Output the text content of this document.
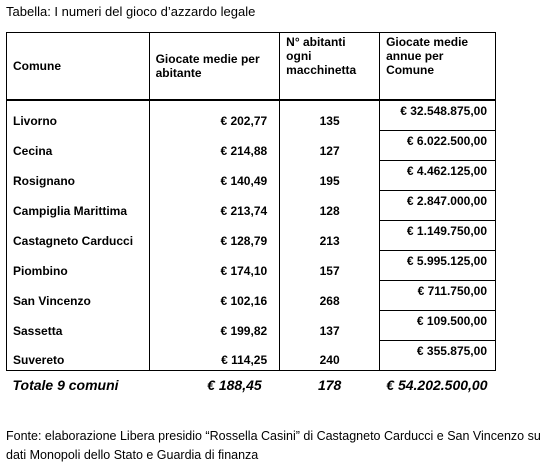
Tabella: I numeri del gioco d’azzardo legale
Comune	Giocate medie per abitante	N° abitanti ogni macchinetta	Giocate medie annue per Comune
Livorno	€ 202,77	135	€ 32.548.875,00
Cecina	€ 214,88	127	€ 6.022.500,00
Rosignano	€ 140,49	195	€ 4.462.125,00
Campiglia Marittima	€ 213,74	128	€ 2.847.000,00
Castagneto Carducci	€ 128,79	213	€ 1.149.750,00
Piombino	€ 174,10	157	€ 5.995.125,00
San Vincenzo	€ 102,16	268	€ 711.750,00
Sassetta	€ 199,82	137	€ 109.500,00
Suvereto	€ 114,25	240	€ 355.875,00
Totale 9 comuni	€ 188,45	178	€ 54.202.500,00
Fonte: elaborazione Libera presidio “Rossella Casini” di Castagneto Carducci e San Vincenzo su dati Monopoli dello Stato e Guardia di finanza
